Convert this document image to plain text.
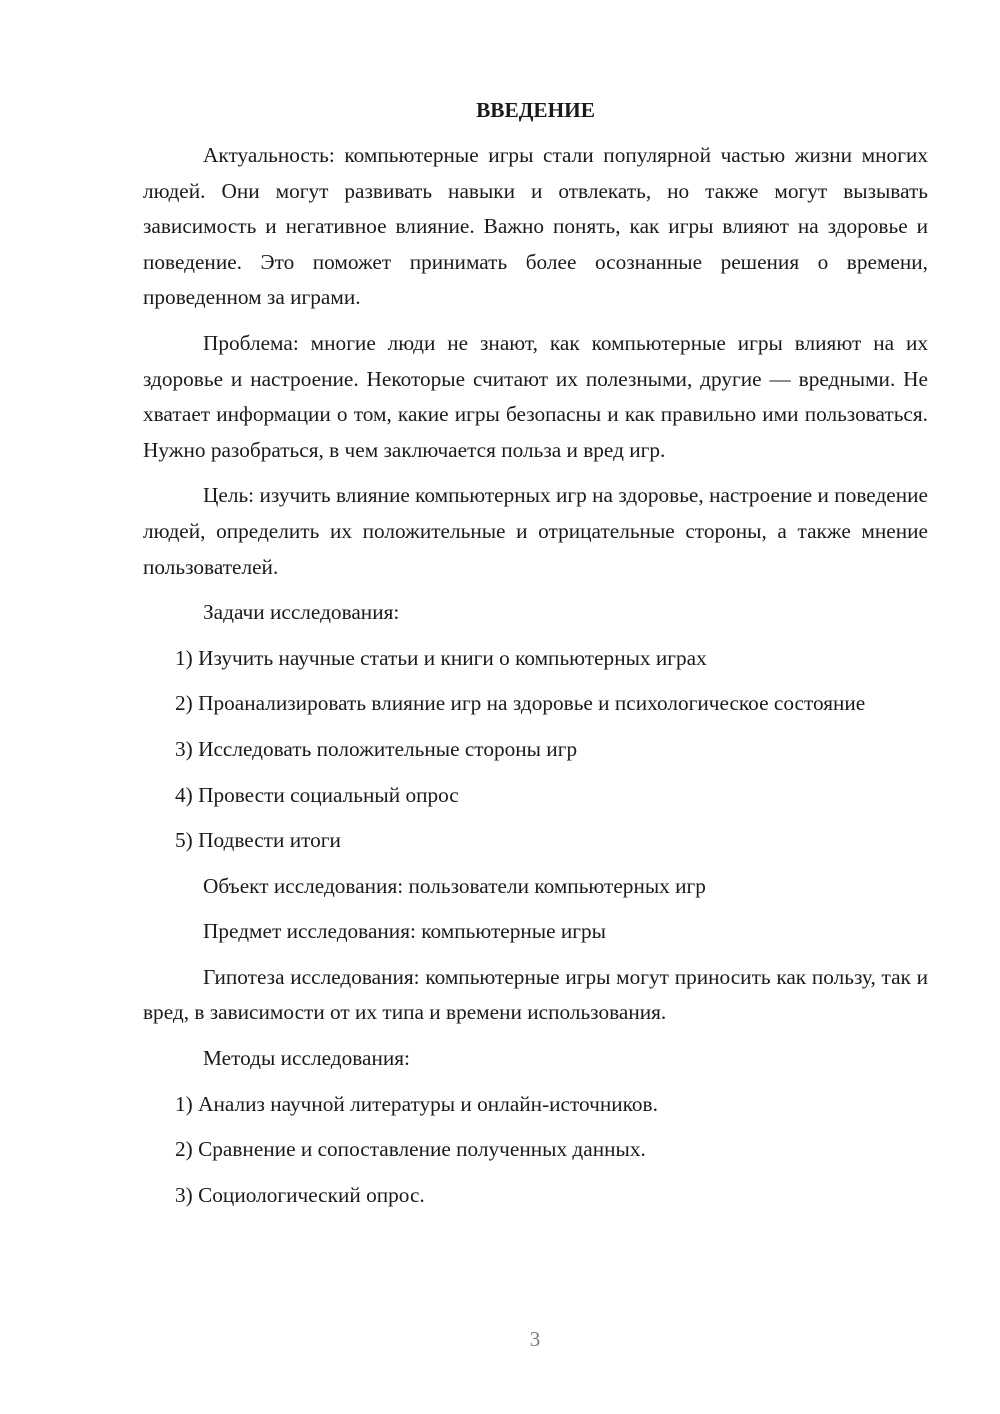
ВВЕДЕНИЕ

Актуальность: компьютерные игры стали популярной частью жизни многих людей. Они могут развивать навыки и отвлекать, но также могут вызывать зависимость и негативное влияние. Важно понять, как игры влияют на здоровье и поведение. Это поможет принимать более осознанные решения о времени, проведенном за играми.

Проблема: многие люди не знают, как компьютерные игры влияют на их здоровье и настроение. Некоторые считают их полезными, другие — вредными. Не хватает информации о том, какие игры безопасны и как правильно ими пользоваться. Нужно разобраться, в чем заключается польза и вред игр.

Цель: изучить влияние компьютерных игр на здоровье, настроение и поведение людей, определить их положительные и отрицательные стороны, а также мнение пользователей.

Задачи исследования:

1) Изучить научные статьи и книги о компьютерных играх

2) Проанализировать влияние игр на здоровье и психологическое состояние

3) Исследовать положительные стороны игр

4) Провести социальный опрос

5) Подвести итоги

Объект исследования: пользователи компьютерных игр

Предмет исследования: компьютерные игры

Гипотеза исследования: компьютерные игры могут приносить как пользу, так и вред, в зависимости от их типа и времени использования.

Методы исследования:

1) Анализ научной литературы и онлайн-источников.

2) Сравнение и сопоставление полученных данных.

3) Социологический опрос.

3
